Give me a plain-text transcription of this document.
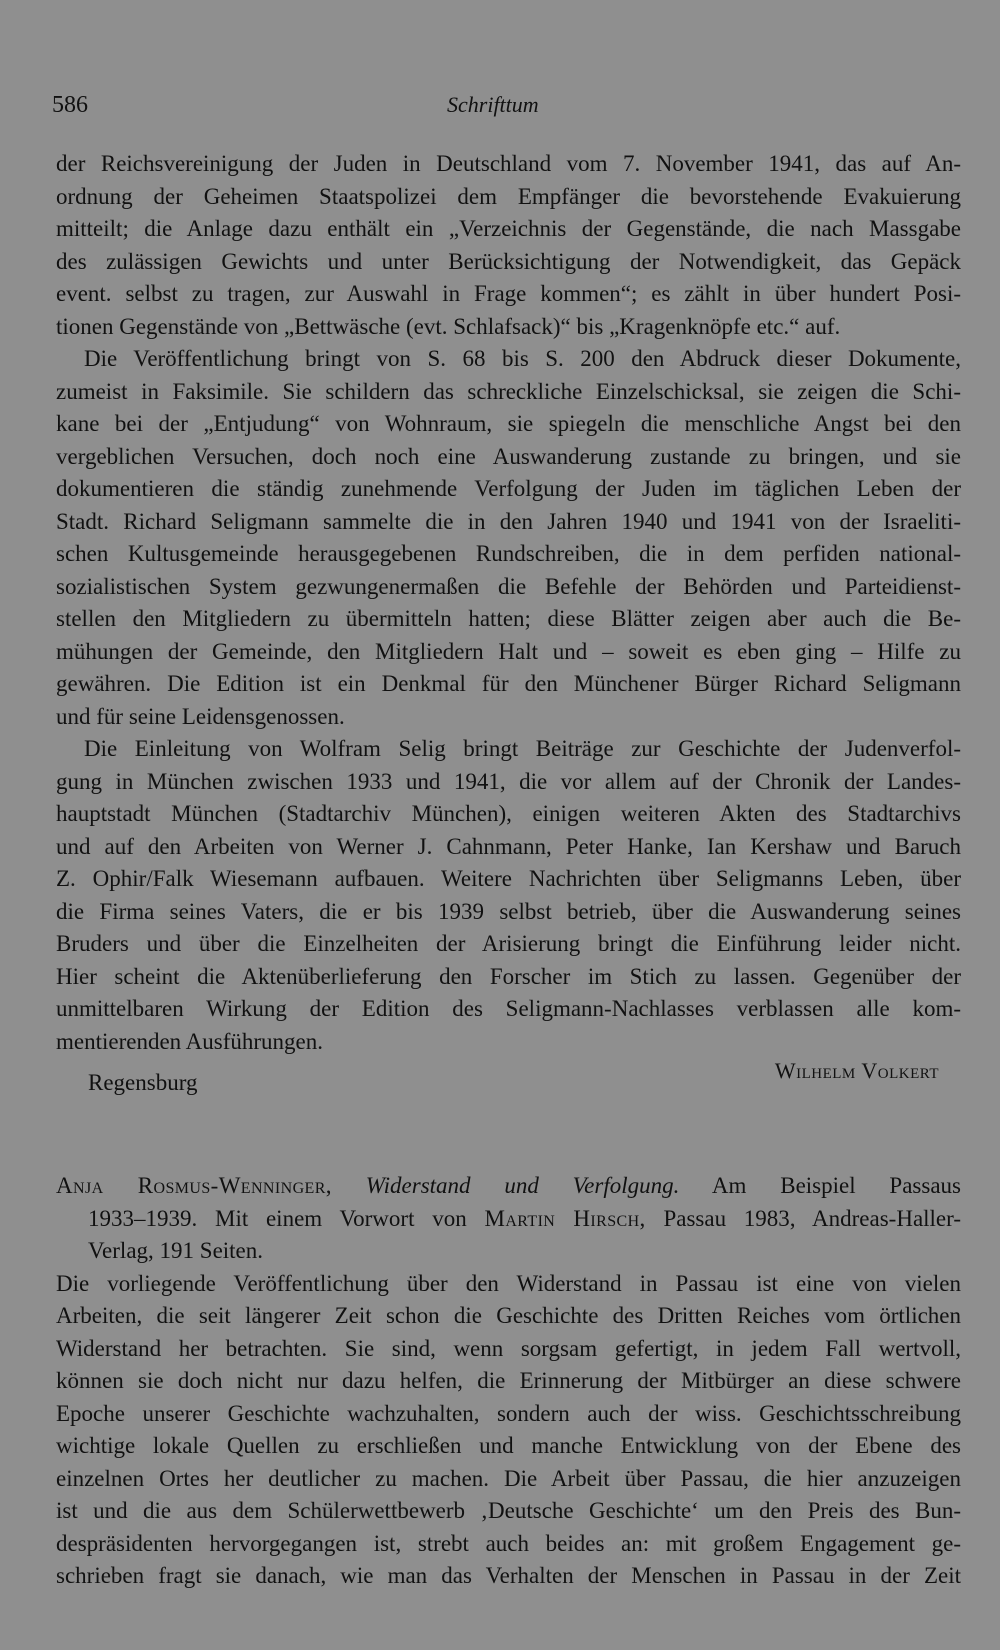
586	Schrifttum
der Reichsvereinigung der Juden in Deutschland vom 7. November 1941, das auf An-
ordnung der Geheimen Staatspolizei dem Empfänger die bevorstehende Evakuierung
mitteilt; die Anlage dazu enthält ein „Verzeichnis der Gegenstände, die nach Massgabe
des zulässigen Gewichts und unter Berücksichtigung der Notwendigkeit, das Gepäck
event. selbst zu tragen, zur Auswahl in Frage kommen“; es zählt in über hundert Posi-
tionen Gegenstände von „Bettwäsche (evt. Schlafsack)“ bis „Kragenknöpfe etc.“ auf.
Die Veröffentlichung bringt von S. 68 bis S. 200 den Abdruck dieser Dokumente,
zumeist in Faksimile. Sie schildern das schreckliche Einzelschicksal, sie zeigen die Schi-
kane bei der „Entjudung“ von Wohnraum, sie spiegeln die menschliche Angst bei den
vergeblichen Versuchen, doch noch eine Auswanderung zustande zu bringen, und sie
dokumentieren die ständig zunehmende Verfolgung der Juden im täglichen Leben der
Stadt. Richard Seligmann sammelte die in den Jahren 1940 und 1941 von der Israeliti-
schen Kultusgemeinde herausgegebenen Rundschreiben, die in dem perfiden national-
sozialistischen System gezwungenermaßen die Befehle der Behörden und Parteidienst-
stellen den Mitgliedern zu übermitteln hatten; diese Blätter zeigen aber auch die Be-
mühungen der Gemeinde, den Mitgliedern Halt und – soweit es eben ging – Hilfe zu
gewähren. Die Edition ist ein Denkmal für den Münchener Bürger Richard Seligmann
und für seine Leidensgenossen.
Die Einleitung von Wolfram Selig bringt Beiträge zur Geschichte der Judenverfol-
gung in München zwischen 1933 und 1941, die vor allem auf der Chronik der Landes-
hauptstadt München (Stadtarchiv München), einigen weiteren Akten des Stadtarchivs
und auf den Arbeiten von Werner J. Cahnmann, Peter Hanke, Ian Kershaw und Baruch
Z. Ophir/Falk Wiesemann aufbauen. Weitere Nachrichten über Seligmanns Leben, über
die Firma seines Vaters, die er bis 1939 selbst betrieb, über die Auswanderung seines
Bruders und über die Einzelheiten der Arisierung bringt die Einführung leider nicht.
Hier scheint die Aktenüberlieferung den Forscher im Stich zu lassen. Gegenüber der
unmittelbaren Wirkung der Edition des Seligmann-Nachlasses verblassen alle kom-
mentierenden Ausführungen.
Regensburg	Wilhelm Volkert
Anja Rosmus-Wenninger, Widerstand und Verfolgung. Am Beispiel Passaus
1933–1939. Mit einem Vorwort von Martin Hirsch, Passau 1983, Andreas-Haller-
Verlag, 191 Seiten.
Die vorliegende Veröffentlichung über den Widerstand in Passau ist eine von vielen
Arbeiten, die seit längerer Zeit schon die Geschichte des Dritten Reiches vom örtlichen
Widerstand her betrachten. Sie sind, wenn sorgsam gefertigt, in jedem Fall wertvoll,
können sie doch nicht nur dazu helfen, die Erinnerung der Mitbürger an diese schwere
Epoche unserer Geschichte wachzuhalten, sondern auch der wiss. Geschichtsschreibung
wichtige lokale Quellen zu erschließen und manche Entwicklung von der Ebene des
einzelnen Ortes her deutlicher zu machen. Die Arbeit über Passau, die hier anzuzeigen
ist und die aus dem Schülerwettbewerb ‚Deutsche Geschichte‘ um den Preis des Bun-
despräsidenten hervorgegangen ist, strebt auch beides an: mit großem Engagement ge-
schrieben fragt sie danach, wie man das Verhalten der Menschen in Passau in der Zeit
